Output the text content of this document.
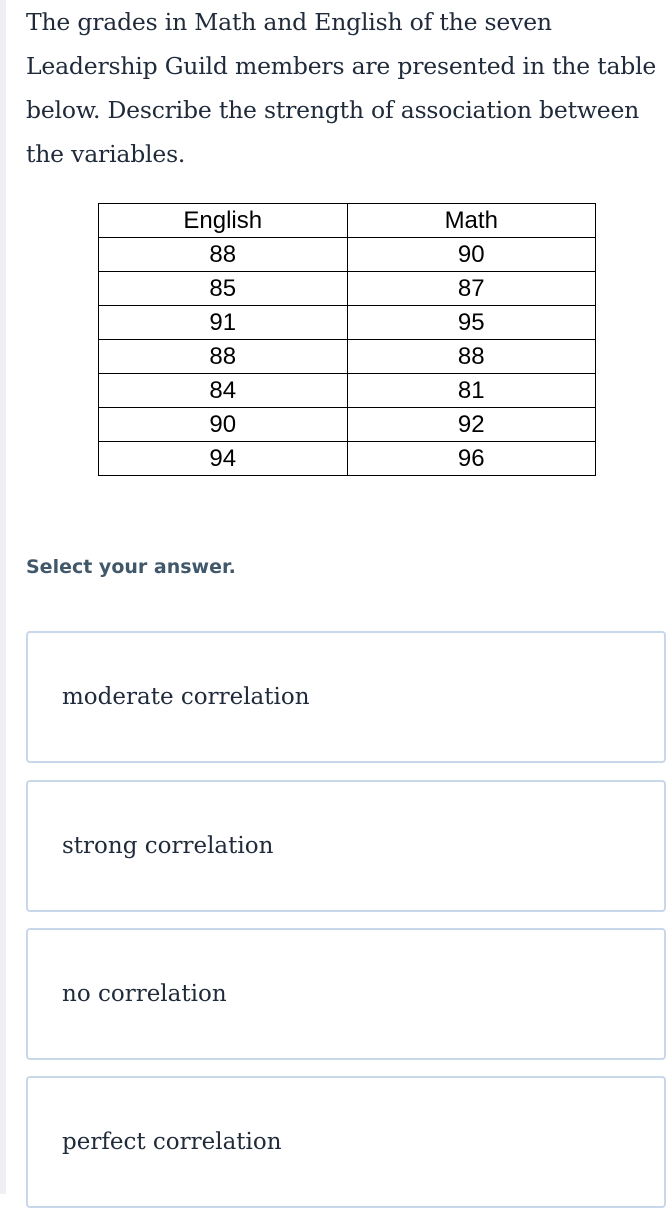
The grades in Math and English of the seven
Leadership Guild members are presented in the table
below. Describe the strength of association between
the variables.
English	Math
88	90
85	87
91	95
88	88
84	81
90	92
94	96
Select your answer.
moderate correlation
strong correlation
no correlation
perfect correlation
